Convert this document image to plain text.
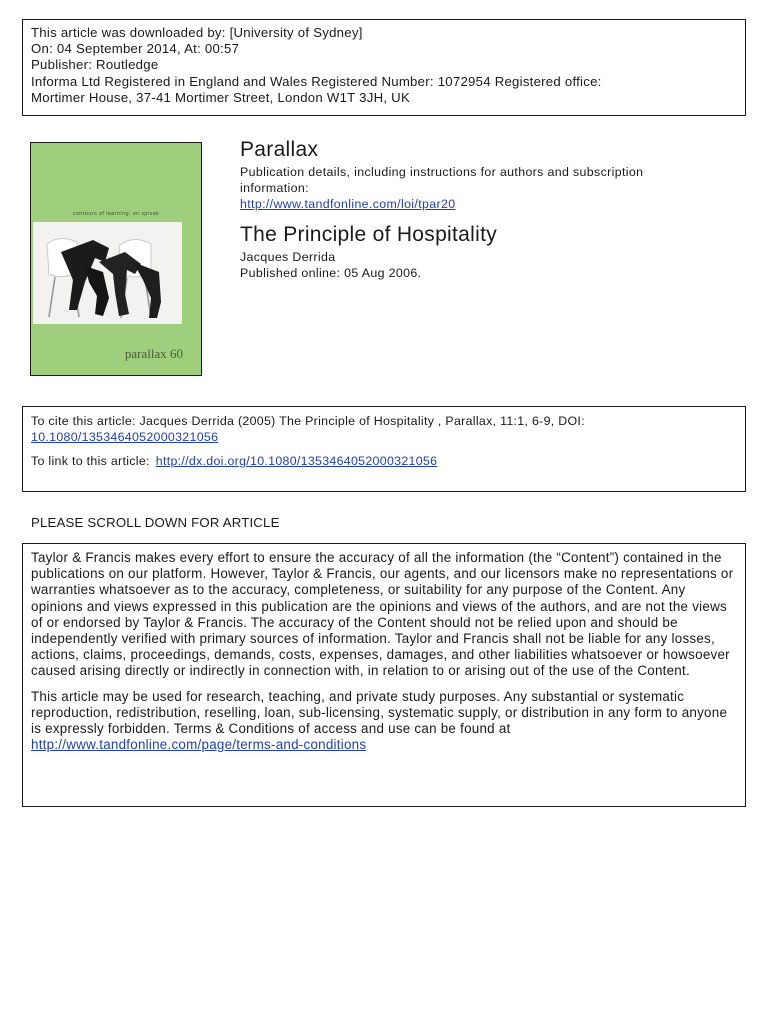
This article was downloaded by: [University of Sydney]
On: 04 September 2014, At: 00:57
Publisher: Routledge
Informa Ltd Registered in England and Wales Registered Number: 1072954 Registered office:
Mortimer House, 37-41 Mortimer Street, London W1T 3JH, UK
contours of learning: on spivak
parallax 60
Parallax
Publication details, including instructions for authors and subscription information:
http://www.tandfonline.com/loi/tpar20
The Principle of Hospitality
Jacques Derrida
Published online: 05 Aug 2006.
To cite this article: Jacques Derrida (2005) The Principle of Hospitality , Parallax, 11:1, 6-9, DOI:
10.1080/1353464052000321056
To link to this article: http://dx.doi.org/10.1080/1353464052000321056
PLEASE SCROLL DOWN FOR ARTICLE

Taylor & Francis makes every effort to ensure the accuracy of all the information (the “Content”) contained in the publications on our platform. However, Taylor & Francis, our agents, and our licensors make no representations or warranties whatsoever as to the accuracy, completeness, or suitability for any purpose of the Content. Any opinions and views expressed in this publication are the opinions and views of the authors, and are not the views of or endorsed by Taylor & Francis. The accuracy of the Content should not be relied upon and should be independently verified with primary sources of information. Taylor and Francis shall not be liable for any losses, actions, claims, proceedings, demands, costs, expenses, damages, and other liabilities whatsoever or howsoever caused arising directly or indirectly in connection with, in relation to or arising out of the use of the Content.

This article may be used for research, teaching, and private study purposes. Any substantial or systematic reproduction, redistribution, reselling, loan, sub-licensing, systematic supply, or distribution in any form to anyone is expressly forbidden. Terms & Conditions of access and use can be found at http://www.tandfonline.com/page/terms-and-conditions
